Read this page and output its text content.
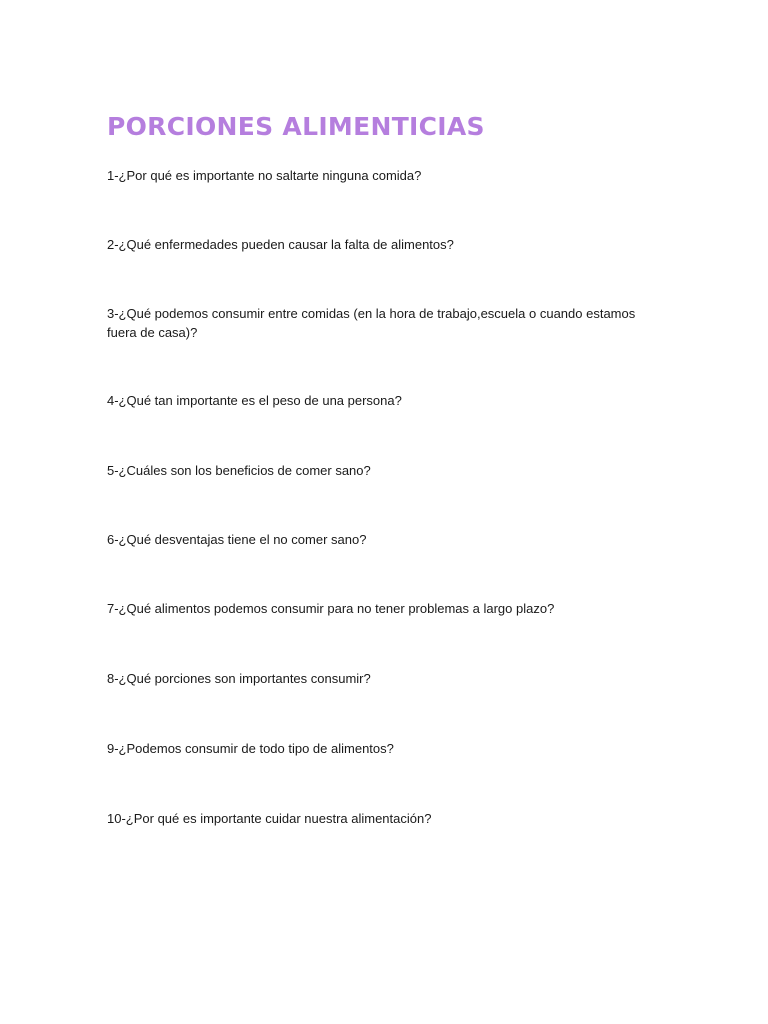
PORCIONES ALIMENTICIAS
1-¿Por qué es importante no saltarte ninguna comida?
2-¿Qué enfermedades pueden causar la falta de alimentos?
3-¿Qué podemos consumir entre comidas (en la hora de trabajo,escuela o cuando estamos fuera de casa)?
4-¿Qué tan importante es el peso de una persona?
5-¿Cuáles son los beneficios de comer sano?
6-¿Qué desventajas tiene el no comer sano?
7-¿Qué alimentos podemos consumir para no tener problemas a largo plazo?
8-¿Qué porciones son importantes consumir?
9-¿Podemos consumir de todo tipo de alimentos?
10-¿Por qué es importante cuidar nuestra alimentación?
